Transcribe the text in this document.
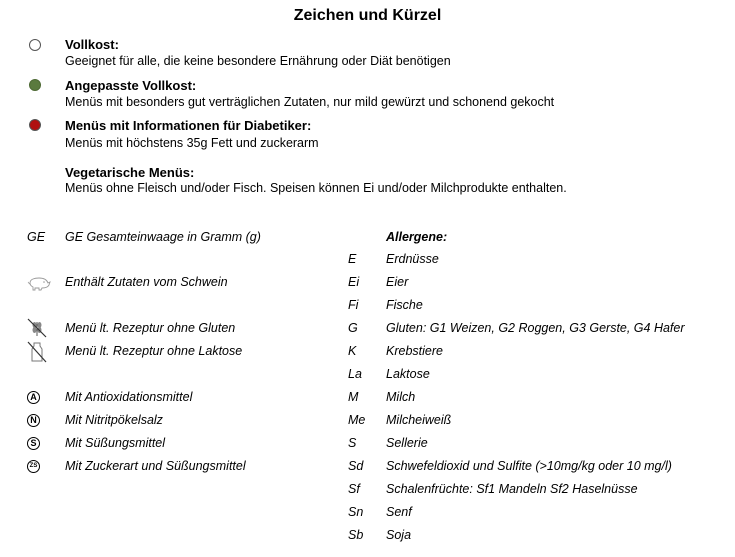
Zeichen und Kürzel
Vollkost:
Geeignet für alle, die keine besondere Ernährung oder Diät benötigen
Angepasste Vollkost:
Menüs mit besonders gut verträglichen Zutaten, nur mild gewürzt und schonend gekocht
Menüs mit Informationen für Diabetiker:
Menüs mit höchstens 35g Fett und zuckerarm
Vegetarische Menüs:
Menüs ohne Fleisch und/oder Fisch. Speisen können Ei und/oder Milchprodukte enthalten.
GE GE Gesamteinwaage in Gramm (g)
Enthält Zutaten vom Schwein
Menü lt. Rezeptur ohne Gluten
Menü lt. Rezeptur ohne Laktose
A Mit Antioxidationsmittel
N Mit Nitritpökelsalz
S Mit Süßungsmittel
ZS Mit Zuckerart und Süßungsmittel
Allergene:
E Erdnüsse
Ei Eier
Fi Fische
G Gluten: G1 Weizen, G2 Roggen, G3 Gerste, G4 Hafer
K Krebstiere
La Laktose
M Milch
Me Milcheiweiß
S Sellerie
Sd Schwefeldioxid und Sulfite (>10mg/kg oder 10 mg/l)
Sf Schalenfrüchte: Sf1 Mandeln Sf2 Haselnüsse
Sn Senf
Sb Soja
